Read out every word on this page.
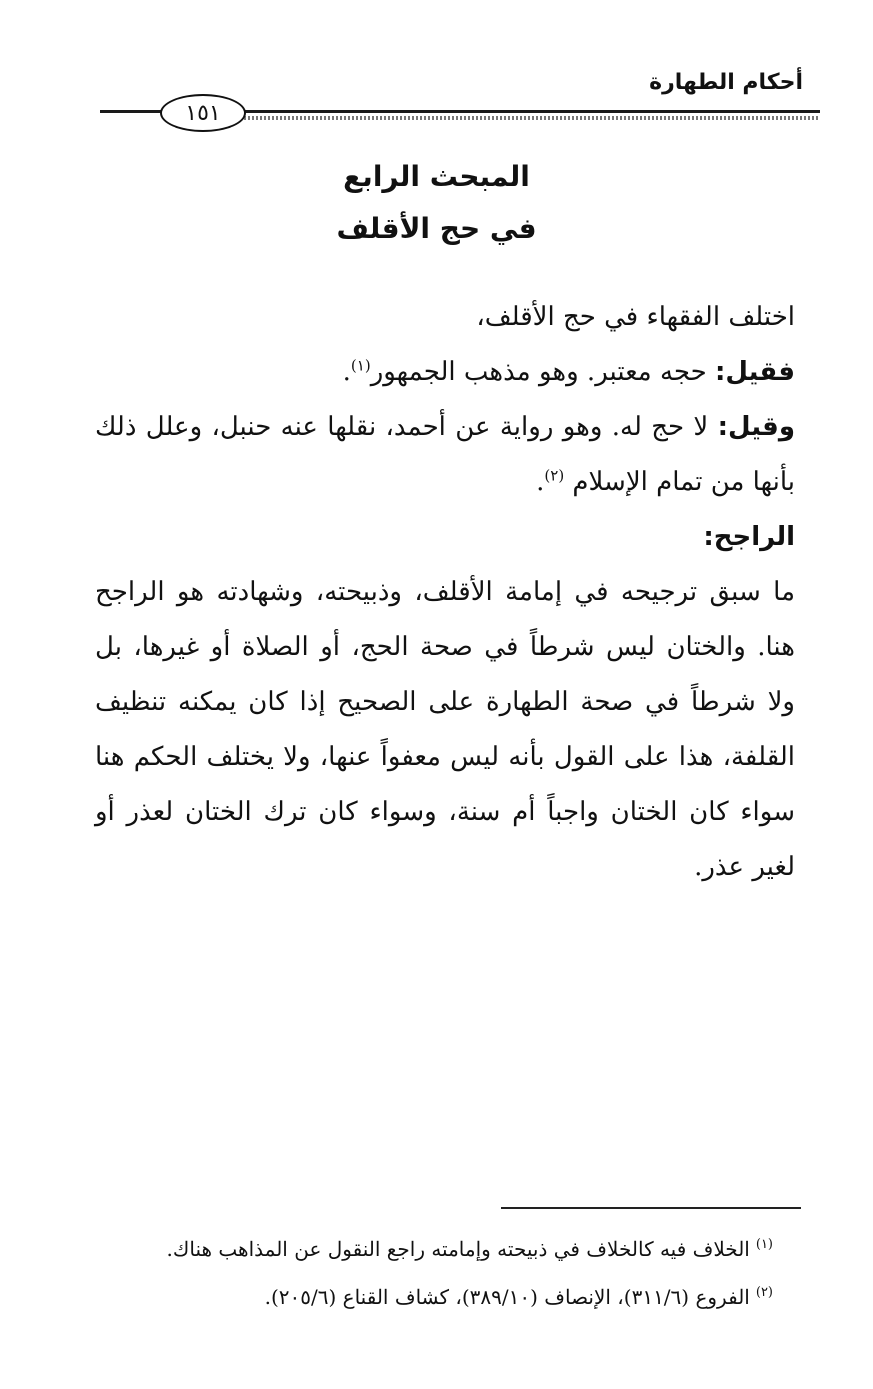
أحكام الطهارة
١٥١
المبحث الرابع
في حج الأقلف

اختلف الفقهاء في حج الأقلف،

فقيل: حجه معتبر. وهو مذهب الجمهور$^{(١)}$.

وقيل: لا حج له. وهو رواية عن أحمد، نقلها عنه حنبل، وعلل ذلك بأنها من تمام الإسلام $^{(٢)}$.

الراجح:

ما سبق ترجيحه في إمامة الأقلف، وذبيحته، وشهادته هو الراجح هنا. والختان ليس شرطاً في صحة الحج، أو الصلاة أو غيرها، بل ولا شرطاً في صحة الطهارة على الصحيح إذا كان يمكنه تنظيف القلفة، هذا على القول بأنه ليس معفواً عنها، ولا يختلف الحكم هنا سواء كان الختان واجباً أم سنة، وسواء كان ترك الختان لعذر أو لغير عذر.

$^{(١)}$الخلاف فيه كالخلاف في ذبيحته وإمامته راجع النقول عن المذاهب هناك.

$^{(٢)}$الفروع (٣١١/٦)، الإنصاف (٣٨٩/١٠)، كشاف القناع (٢٠٥/٦).
